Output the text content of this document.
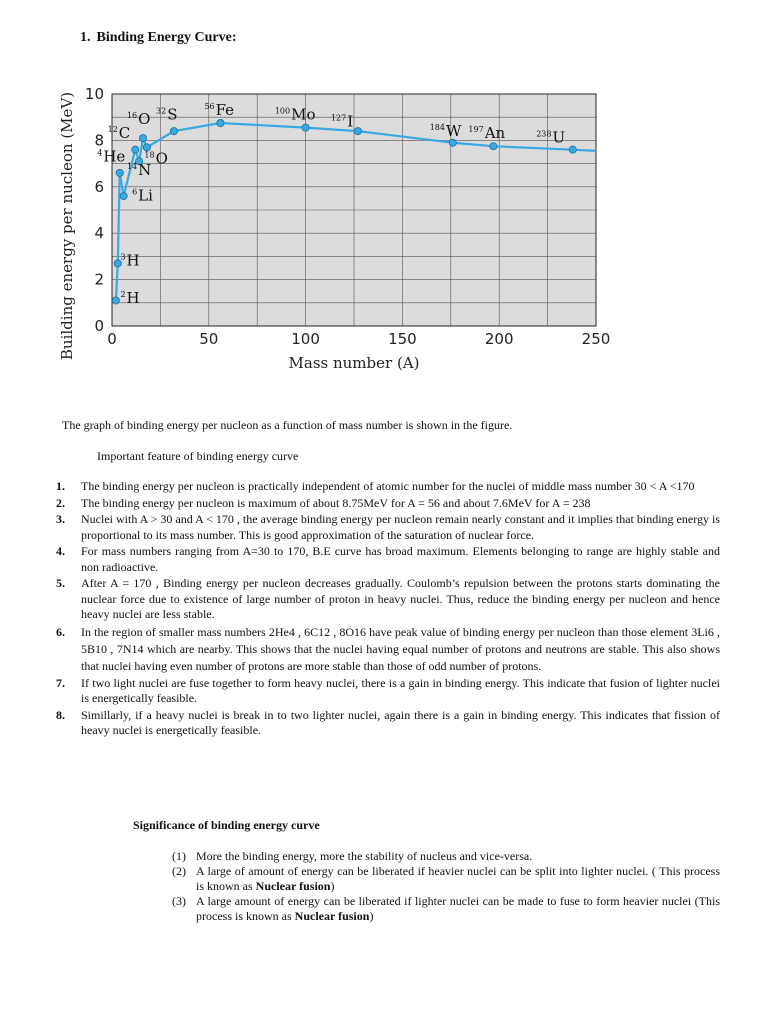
1. Binding Energy Curve:
0	50	100	150	200	250
0
2
4
6
8
10
Building energy per nucleon (MeV)
Mass number (A)
2 H
3 H
4 He
6 Li
12 C
14 N
16 O
18 O
32 S	56 Fe	100 Mo 127 I	184 W 197 An	238 U
The graph of binding energy per nucleon as a function of mass number is shown in the figure.
Important feature of binding energy curve
1. The binding energy per nucleon is practically independent of atomic number for the nuclei of middle mass number 30 < A <170
2. The binding energy per nucleon is maximum of about 8.75MeV for A = 56 and about 7.6MeV for A = 238
3. Nuclei with A > 30 and A < 170 , the average binding energy per nucleon remain nearly constant and it implies that binding energy is proportional to its mass number. This is good approximation of the saturation of nuclear force.
4. For mass numbers ranging from A=30 to 170, B.E curve has broad maximum. Elements belonging to range are highly stable and non radioactive.
5. After A = 170 , Binding energy per nucleon decreases gradually. Coulomb’s repulsion between the protons starts dominating the nuclear force due to existence of large number of proton in heavy nuclei. Thus, reduce the binding energy per nucleon and hence heavy nuclei are less stable.
6. In the region of smaller mass numbers 2He4 , 6C12 , 8O16 have peak value of binding energy per nucleon than those element 3Li6 , 5B10 , 7N14 which are nearby. This shows that the nuclei having equal number of protons and neutrons are stable. This also shows that nuclei having even number of protons are more stable than those of odd number of protons.
7. If two light nuclei are fuse together to form heavy nuclei, there is a gain in binding energy. This indicate that fusion of lighter nuclei is energetically feasible.
8. Simillarly, if a heavy nuclei is break in to two lighter nuclei, again there is a gain in binding energy. This indicates that fission of heavy nuclei is energetically feasible.
Significance of binding energy curve
(1) More the binding energy, more the stability of nucleus and vice-versa.
(2) A large of amount of energy can be liberated if heavier nuclei can be split into lighter nuclei. ( This process is known as Nuclear fusion)
(3) A large amount of energy can be liberated if lighter nuclei can be made to fuse to form heavier nuclei (This process is known as Nuclear fusion)
